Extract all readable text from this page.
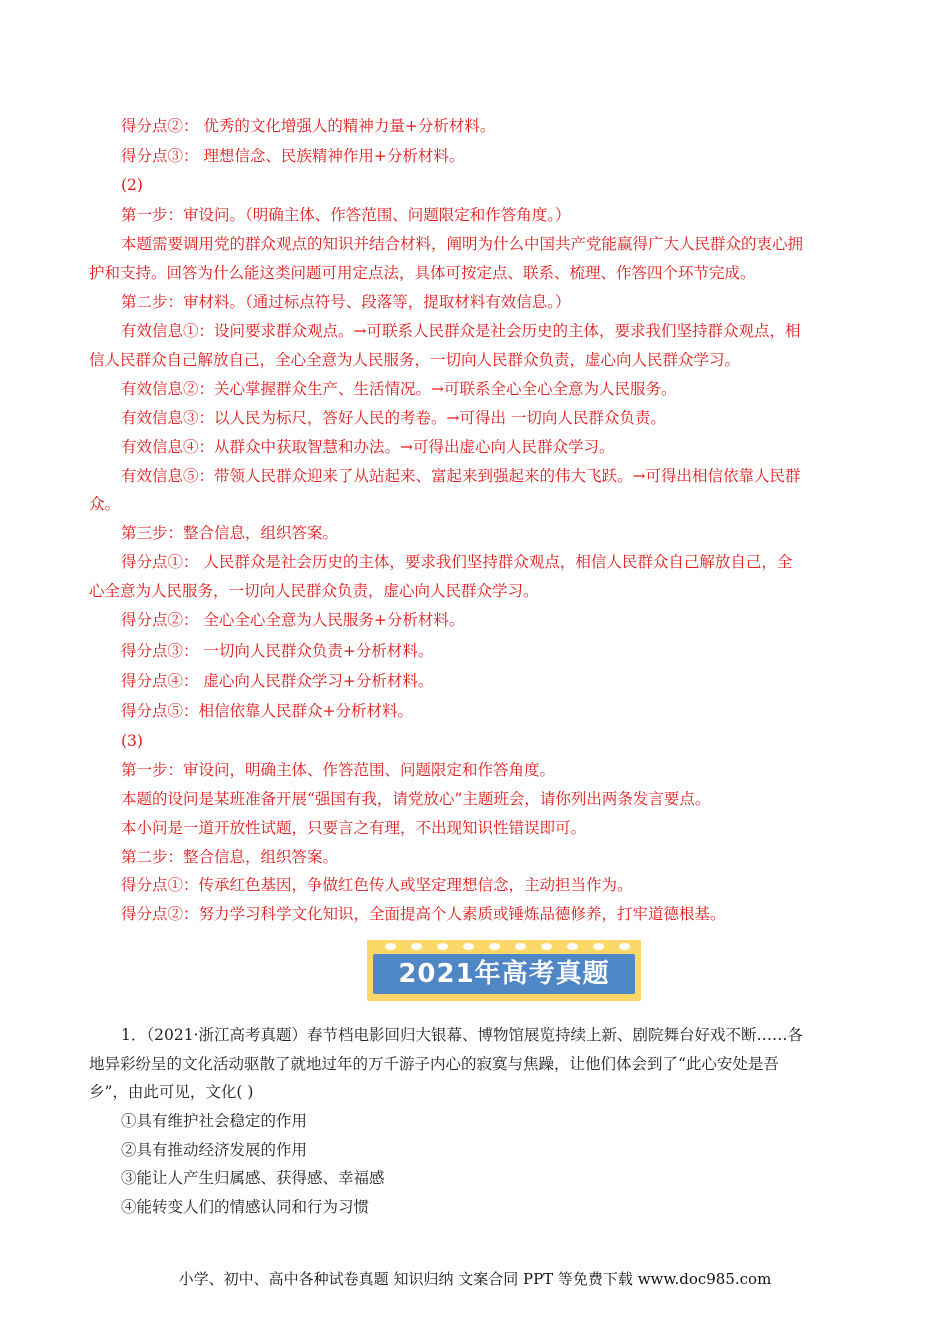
得分点②： 优秀的文化增强人的精神力量+分析材料。
得分点③： 理想信念、民族精神作用+分析材料。
(2)
第一步：审设问。（明确主体、作答范围、问题限定和作答角度。）
本题需要调用党的群众观点的知识并结合材料，阐明为什么中国共产党能赢得广大人民群众的衷心拥
护和支持。回答为什么能这类问题可用定点法，具体可按定点、联系、梳理、作答四个环节完成。
第二步：审材料。（通过标点符号、段落等，提取材料有效信息。）
有效信息①：设问要求群众观点。→可联系人民群众是社会历史的主体，要求我们坚持群众观点，相
信人民群众自己解放自己，全心全意为人民服务，一切向人民群众负责，虚心向人民群众学习。
有效信息②：关心掌握群众生产、生活情况。→可联系全心全心全意为人民服务。
有效信息③：以人民为标尺，答好人民的考卷。→可得出 一切向人民群众负责。
有效信息④：从群众中获取智慧和办法。→可得出虚心向人民群众学习。
有效信息⑤：带领人民群众迎来了从站起来、富起来到强起来的伟大飞跃。→可得出相信依靠人民群
众。
第三步：整合信息，组织答案。
得分点①： 人民群众是社会历史的主体，要求我们坚持群众观点，相信人民群众自己解放自己，全
心全意为人民服务，一切向人民群众负责，虚心向人民群众学习。
得分点②： 全心全心全意为人民服务+分析材料。
得分点③： 一切向人民群众负责+分析材料。
得分点④： 虚心向人民群众学习+分析材料。
得分点⑤：相信依靠人民群众+分析材料。
(3)
第一步：审设问，明确主体、作答范围、问题限定和作答角度。
本题的设问是某班准备开展“强国有我，请党放心”主题班会，请你列出两条发言要点。
本小问是一道开放性试题，只要言之有理，不出现知识性错误即可。
第二步：整合信息，组织答案。
得分点①：传承红色基因，争做红色传人或坚定理想信念，主动担当作为。
得分点②：努力学习科学文化知识，全面提高个人素质或锤炼品德修养，打牢道德根基。
2021年高考真题
1．（2021·浙江高考真题）春节档电影回归大银幕、博物馆展览持续上新、剧院舞台好戏不断……各
地异彩纷呈的文化活动驱散了就地过年的万千游子内心的寂寞与焦躁，让他们体会到了“此心安处是吾
乡”，由此可见，文化( )
①具有维护社会稳定的作用
②具有推动经济发展的作用
③能让人产生归属感、获得感、幸福感
④能转变人们的情感认同和行为习惯
小学、初中、高中各种试卷真题 知识归纳 文案合同 PPT 等免费下载 www.doc985.com
